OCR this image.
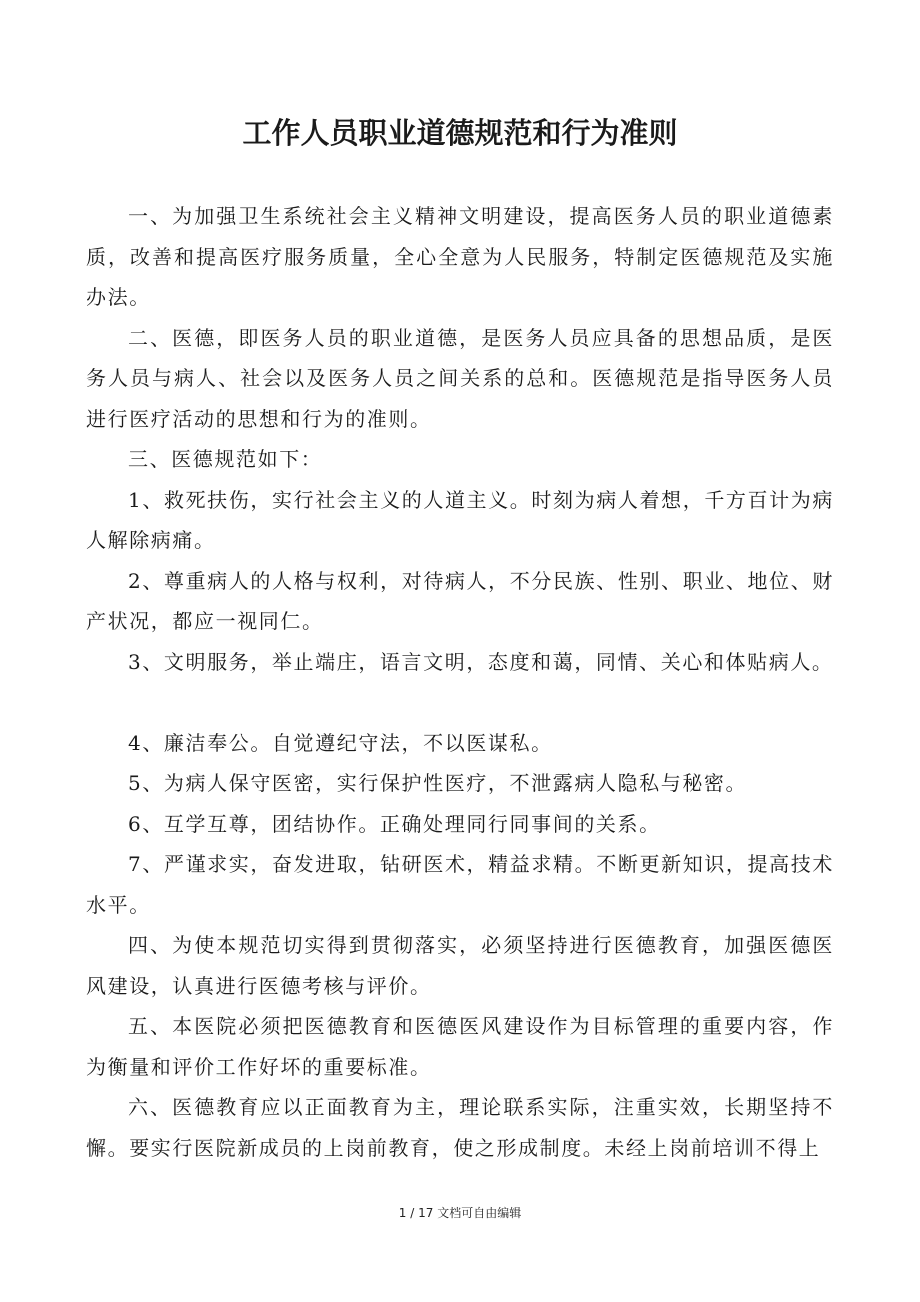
工作人员职业道德规范和行为准则

一、为加强卫生系统社会主义精神文明建设，提高医务人员的职业道德素质，改善和提高医疗服务质量，全心全意为人民服务，特制定医德规范及实施办法。

二、医德，即医务人员的职业道德，是医务人员应具备的思想品质，是医务人员与病人、社会以及医务人员之间关系的总和。医德规范是指导医务人员进行医疗活动的思想和行为的准则。

三、医德规范如下：

1、救死扶伤，实行社会主义的人道主义。时刻为病人着想，千方百计为病人解除病痛。

2、尊重病人的人格与权利，对待病人，不分民族、性别、职业、地位、财产状况，都应一视同仁。

3、文明服务，举止端庄，语言文明，态度和蔼，同情、关心和体贴病人。

4、廉洁奉公。自觉遵纪守法，不以医谋私。

5、为病人保守医密，实行保护性医疗，不泄露病人隐私与秘密。

6、互学互尊，团结协作。正确处理同行同事间的关系。

7、严谨求实，奋发进取，钻研医术，精益求精。不断更新知识，提高技术水平。

四、为使本规范切实得到贯彻落实，必须坚持进行医德教育，加强医德医风建设，认真进行医德考核与评价。

五、本医院必须把医德教育和医德医风建设作为目标管理的重要内容，作为衡量和评价工作好坏的重要标准。

六、医德教育应以正面教育为主，理论联系实际，注重实效，长期坚持不懈。要实行医院新成员的上岗前教育，使之形成制度。未经上岗前培训不得上

1 / 17 文档可自由编辑
